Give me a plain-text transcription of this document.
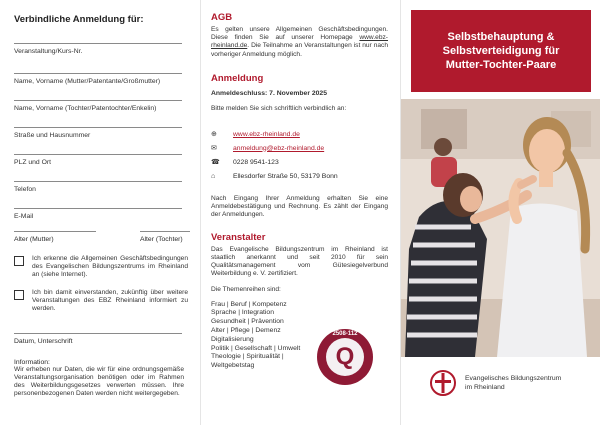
Verbindliche Anmeldung für:
Veranstaltung/Kurs-Nr.
Name, Vorname (Mutter/Patentante/Großmutter)
Name, Vorname (Tochter/Patentochter/Enkelin)
Straße und Hausnummer
PLZ und Ort
Telefon
E-Mail
Alter (Mutter)	Alter (Tochter)
Ich erkenne die Allgemeinen Geschäftsbedingungen des Evangelischen Bildungszentrums im Rheinland an (siehe Internet).
Ich bin damit einverstanden, zukünftig über weitere Veranstaltungen des EBZ Rheinland informiert zu werden.
Datum, Unterschrift
Information:
Wir erheben nur Daten, die wir für eine ordnungsgemäße Veranstaltungsorganisation benötigen oder im Rahmen des Weiterbildungsgesetzes verwerten müssen. Ihre personenbezogenen Daten werden nicht weitergegeben.
AGB
Es gelten unsere Allgemeinen Geschäftsbedingungen. Diese finden Sie auf unserer Homepage www.ebz-rheinland.de. Die Teilnahme an Veranstaltungen ist nur nach vorheriger Anmeldung möglich.
Anmeldung
Anmeldeschluss: 7. November 2025
Bitte melden Sie sich schriftlich verbindlich an:
⊕	www.ebz-rheinland.de
✉	anmeldung@ebz-rheinland.de
☎	0228 9541-123
⌂	Ellesdorfer Straße 50, 53179 Bonn
Nach Eingang Ihrer Anmeldung erhalten Sie eine Anmeldebestätigung und Rechnung. Es zählt der Eingang der Anmeldungen.
Veranstalter
Das Evangelische Bildungszentrum im Rheinland ist staatlich anerkannt und seit 2010 für sein Qualitätsmanagement vom Gütesiegelverbund Weiterbildung e. V. zertifiziert.
Die Themenreihen sind:
Frau | Beruf | Kompetenz
Sprache | Integration
Gesundheit | Prävention
Alter | Pflege | Demenz
Digitalisierung
Politik | Gesellschaft | Umwelt
Theologie | Spiritualität |
Weltgebetstag
2508-112
Q
Selbstbehauptung &
Selbstverteidigung für
Mutter-Tochter-Paare
Evangelisches Bildungszentrum
im Rheinland
